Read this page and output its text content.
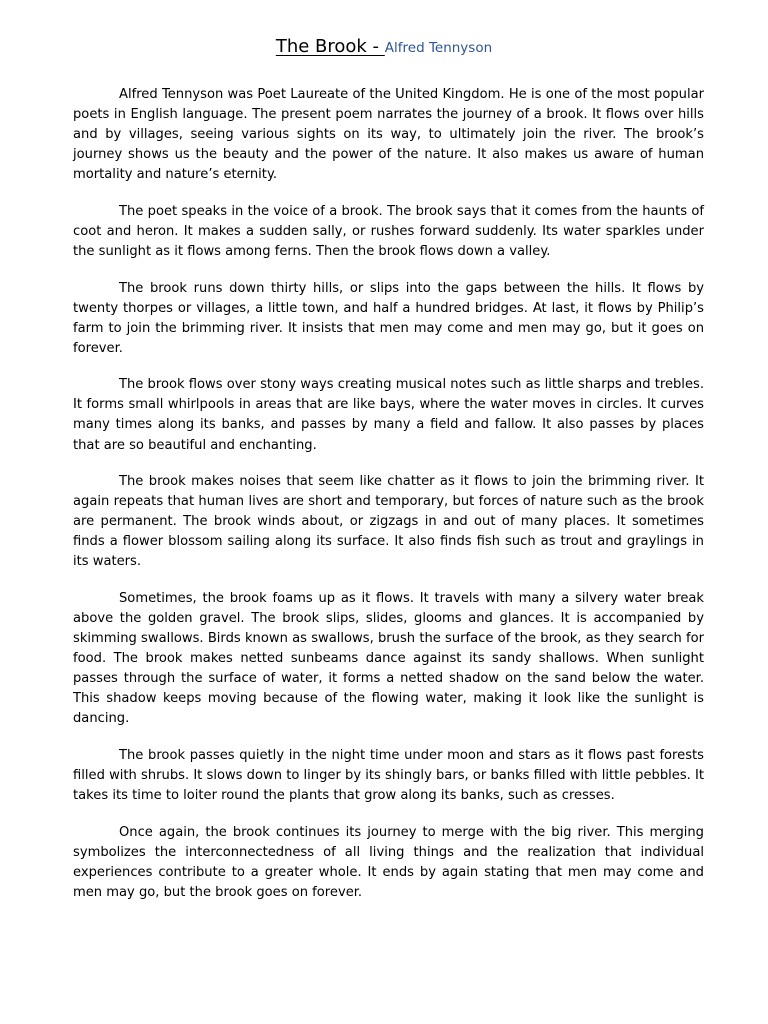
The Brook - Alfred Tennyson

Alfred Tennyson was Poet Laureate of the United Kingdom. He is one of the most popular poets in English language. The present poem narrates the journey of a brook. It flows over hills and by villages, seeing various sights on its way, to ultimately join the river. The brook’s journey shows us the beauty and the power of the nature. It also makes us aware of human mortality and nature’s eternity.

The poet speaks in the voice of a brook. The brook says that it comes from the haunts of coot and heron. It makes a sudden sally, or rushes forward suddenly. Its water sparkles under the sunlight as it flows among ferns. Then the brook flows down a valley.

The brook runs down thirty hills, or slips into the gaps between the hills. It flows by twenty thorpes or villages, a little town, and half a hundred bridges. At last, it flows by Philip’s farm to join the brimming river. It insists that men may come and men may go, but it goes on forever.

The brook flows over stony ways creating musical notes such as little sharps and trebles. It forms small whirlpools in areas that are like bays, where the water moves in circles. It curves many times along its banks, and passes by many a field and fallow. It also passes by places that are so beautiful and enchanting.

The brook makes noises that seem like chatter as it flows to join the brimming river. It again repeats that human lives are short and temporary, but forces of nature such as the brook are permanent. The brook winds about, or zigzags in and out of many places. It sometimes finds a flower blossom sailing along its surface. It also finds fish such as trout and graylings in its waters.

Sometimes, the brook foams up as it flows. It travels with many a silvery water break above the golden gravel. The brook slips, slides, glooms and glances. It is accompanied by skimming swallows. Birds known as swallows, brush the surface of the brook, as they search for food. The brook makes netted sunbeams dance against its sandy shallows. When sunlight passes through the surface of water, it forms a netted shadow on the sand below the water. This shadow keeps moving because of the flowing water, making it look like the sunlight is dancing.

The brook passes quietly in the night time under moon and stars as it flows past forests filled with shrubs. It slows down to linger by its shingly bars, or banks filled with little pebbles. It takes its time to loiter round the plants that grow along its banks, such as cresses.

Once again, the brook continues its journey to merge with the big river. This merging symbolizes the interconnectedness of all living things and the realization that individual experiences contribute to a greater whole. It ends by again stating that men may come and men may go, but the brook goes on forever.
